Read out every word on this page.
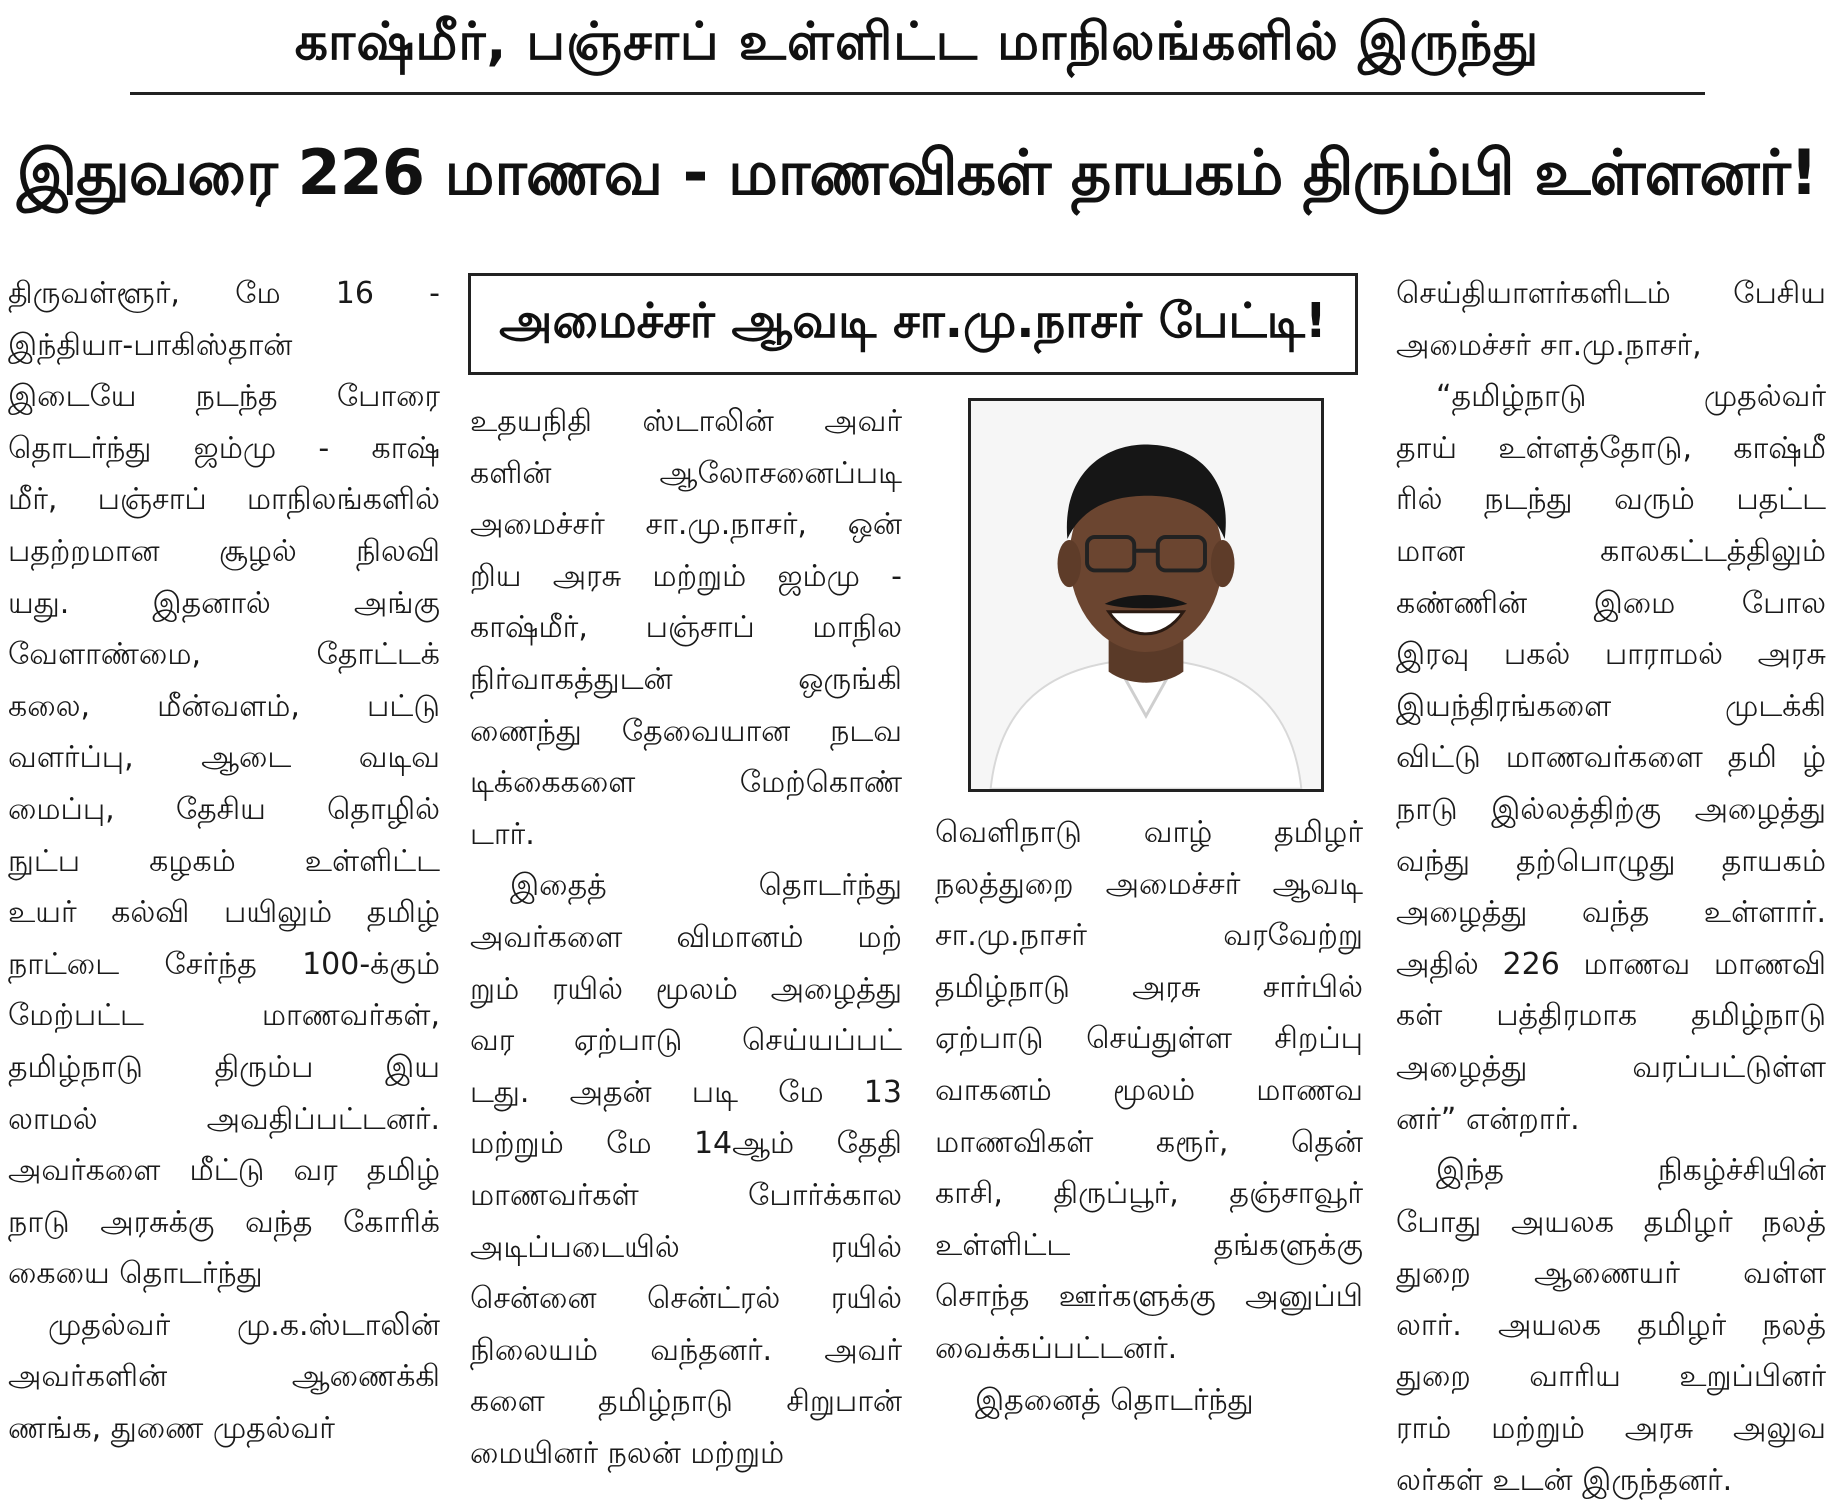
காஷ்மீர், பஞ்சாப் உள்ளிட்ட மாநிலங்களில் இருந்து
இதுவரை 226 மாணவ - மாணவிகள் தாயகம் திரும்பி உள்ளனர்!
அமைச்சர் ஆவடி சா.மு.நாசர் பேட்டி!
திருவள்ளூர், மே 16 -
இந்தியா-பாகிஸ்தான்
இடையே நடந்த போரை
தொடர்ந்து ஜம்மு - காஷ்
மீர், பஞ்சாப் மாநிலங்களில்
பதற்றமான சூழல் நிலவி
யது. இதனால் அங்கு
வேளாண்மை, தோட்டக்
கலை, மீன்வளம், பட்டு
வளர்ப்பு, ஆடை வடிவ
மைப்பு, தேசிய தொழில்
நுட்ப கழகம் உள்ளிட்ட
உயர் கல்வி பயிலும் தமிழ்
நாட்டை சேர்ந்த 100-க்கும்
மேற்பட்ட மாணவர்கள்,
தமிழ்நாடு திரும்ப இய
லாமல் அவதிப்பட்டனர்.
அவர்களை மீட்டு வர தமிழ்
நாடு அரசுக்கு வந்த கோரிக்
கையை தொடர்ந்து
முதல்வர் மு.க.ஸ்டாலின்
அவர்களின் ஆணைக்கி
ணங்க, துணை முதல்வர்
உதயநிதி ஸ்டாலின் அவர்
களின் ஆலோசனைப்படி
அமைச்சர் சா.மு.நாசர், ஒன்
றிய அரசு மற்றும் ஜம்மு -
காஷ்மீர், பஞ்சாப் மாநில
நிர்வாகத்துடன் ஒருங்கி
ணைந்து தேவையான நடவ
டிக்கைகளை மேற்கொண்
டார்.
இதைத் தொடர்ந்து
அவர்களை விமானம் மற்
றும் ரயில் மூலம் அழைத்து
வர ஏற்பாடு செய்யப்பட்
டது. அதன் படி மே 13
மற்றும் மே 14ஆம் தேதி
மாணவர்கள் போர்க்கால
அடிப்படையில் ரயில்
சென்னை சென்ட்ரல் ரயில்
நிலையம் வந்தனர். அவர்
களை தமிழ்நாடு சிறுபான்
மையினர் நலன் மற்றும்
வெளிநாடு வாழ் தமிழர்
நலத்துறை அமைச்சர் ஆவடி
சா.மு.நாசர் வரவேற்று
தமிழ்நாடு அரசு சார்பில்
ஏற்பாடு செய்துள்ள சிறப்பு
வாகனம் மூலம் மாணவ
மாணவிகள் கரூர், தென்
காசி, திருப்பூர், தஞ்சாவூர்
உள்ளிட்ட தங்களுக்கு
சொந்த ஊர்களுக்கு அனுப்பி
வைக்கப்பட்டனர்.
இதனைத் தொடர்ந்து
செய்தியாளர்களிடம் பேசிய
அமைச்சர் சா.மு.நாசர்,
“தமிழ்நாடு முதல்வர்
தாய் உள்ளத்தோடு, காஷ்மீ
ரில் நடந்து வரும் பதட்ட
மான காலகட்டத்திலும்
கண்ணின் இமை போல
இரவு பகல் பாராமல் அரசு
இயந்திரங்களை முடக்கி
விட்டு மாணவர்களை தமி ழ்
நாடு இல்லத்திற்கு அழைத்து
வந்து தற்பொழுது தாயகம்
அழைத்து வந்த உள்ளார்.
அதில் 226 மாணவ மாணவி
கள் பத்திரமாக தமிழ்நாடு
அழைத்து வரப்பட்டுள்ள
னர்” என்றார்.
இந்த நிகழ்ச்சியின்
போது அயலக தமிழர் நலத்
துறை ஆணையர் வள்ள
லார். அயலக தமிழர் நலத்
துறை வாரிய உறுப்பினர்
ராம் மற்றும் அரசு அலுவ
லர்கள் உடன் இருந்தனர்.
